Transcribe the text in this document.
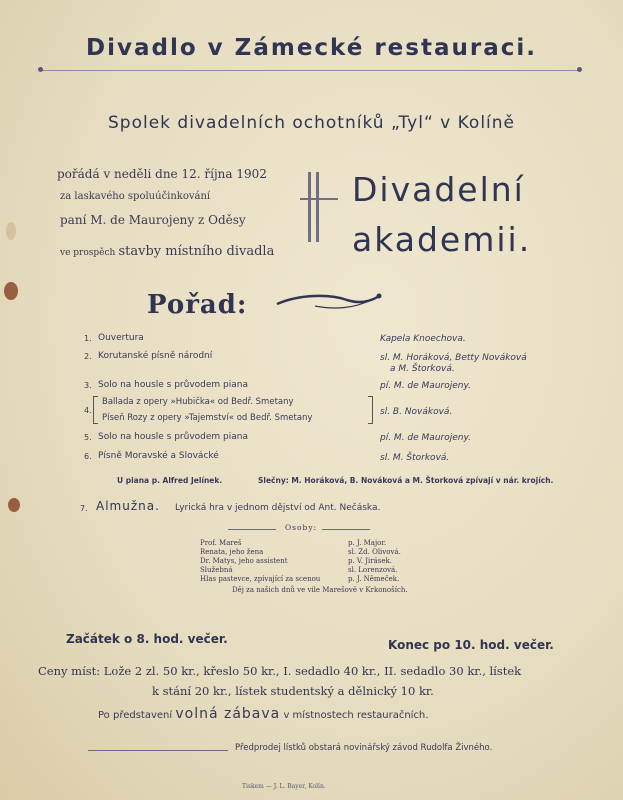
Divadlo v Zámecké restauraci.
Spolek divadelních ochotníků „Tyl“ v Kolíně
pořádá v neděli dne 12. října 1902
za laskavého spoluúčinkování
paní M. de Maurojeny z Oděsy
ve prospěch stavby místního divadla
Divadelní
akademii.
Pořad:
1. Ouvertura	Kapela Knoechova.
2. Korutanské písně národní	sl. M. Horáková, Betty Nováková
a M. Štorková.
3. Solo na housle s průvodem piana	pí. M. de Maurojeny.
4.
Ballada z opery »Hubička« od Bedř. Smetany
Píseň Rozy z opery »Tajemství« od Bedř. Smetany
sl. B. Nováková.
5. Solo na housle s průvodem piana	pí. M. de Maurojeny.
6. Písně Moravské a Slovácké	sl. M. Štorková.
U piana p. Alfred Jelínek.	Slečny: M. Horáková, B. Nováková a M. Štorková zpívají v nár. krojích.
7. Almužna. Lyrická hra v jednom dějství od Ant. Nečáska.
Osoby:
Prof. Mareš	p. J. Major.
Renata, jeho žena	sl. Zd. Olivová.
Dr. Matys, jeho assistent	p. V. Jirásek.
Služebná	sl. Lorenzová.
Hlas pastevce, zpívající za scenou	p. J. Němeček.
Děj za našich dnů ve vile Marešově v Krkonoších.
Začátek o 8. hod. večer.	Konec po 10. hod. večer.
Ceny míst: Lože 2 zl. 50 kr., křeslo 50 kr., I. sedadlo 40 kr., II. sedadlo 30 kr., lístek
k stání 20 kr., lístek studentský a dělnický 10 kr.
Po představení volná zábava v místnostech restauračních.
Předprodej lístků obstará novinářský závod Rudolfa Živného.
Tiskem — J. L. Bayer, Kolín.
